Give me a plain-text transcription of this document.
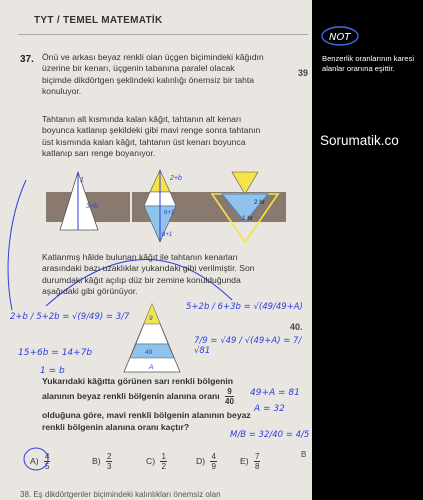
TYT / TEMEL MATEMATİK
37. Önü ve arkası beyaz renkli olan üçgen biçimindeki kâğıdın
üzerine bir kenarı, üçgenin tabanına paralel olacak
biçimde dikdörtgen şeklindeki kalınlığı önemsiz bir tahta
konuluyor.
Tahtanın alt kısmında kalan kâğıt, tahtanın alt kenarı
boyunca katlanıp şekildeki gibi mavi renge sonra tahtanın
üst kısmında kalan kâğıt, tahtanın üst kenarı boyunca
katlanıp sarı renge boyanıyor.
3+b
1	2+b
b+1
b+1
2 br
1 br
Katlanmış hâlde bulunan kâğıt ile tahtanın kenarları
arasındaki bazı uzaklıklar yukarıdaki gibi verilmiştir. Son
durumdaki kâğıt açılıp düz bir zemine konulduğunda
aşağıdaki gibi görünüyor.
9
49
A
Yukarıdaki kâğıtta görünen sarı renkli bölgenin
alanının beyaz renkli bölgenin alanına oranı $\frac{9}{40}$
olduğuna göre, mavi renkli bölgenin alanının beyaz
renkli bölgenin alanına oranı kaçtır?
$A) \frac{4}{5}$	$B) \frac{2}{3}$	$C) \frac{1}{2}$	$D) \frac{4}{9}$	$E) \frac{7}{8}$
2+b / 5+2b = √(9/49) = 3/7
15+6b = 14+7b
1 = b
5+2b / 6+3b = √(49/49+A)
7/9 = √49 / √(49+A) = 7/√81
49+A = 81
A = 32
M/B = 32/40 = 4/5
39
40.
B
38. Eş dikdörtgenler biçimindeki kalınlıkları önemsiz olan
NOT
Benzerlik oranlarının karesi alanlar oranına eşittir.
Sorumatik.co
